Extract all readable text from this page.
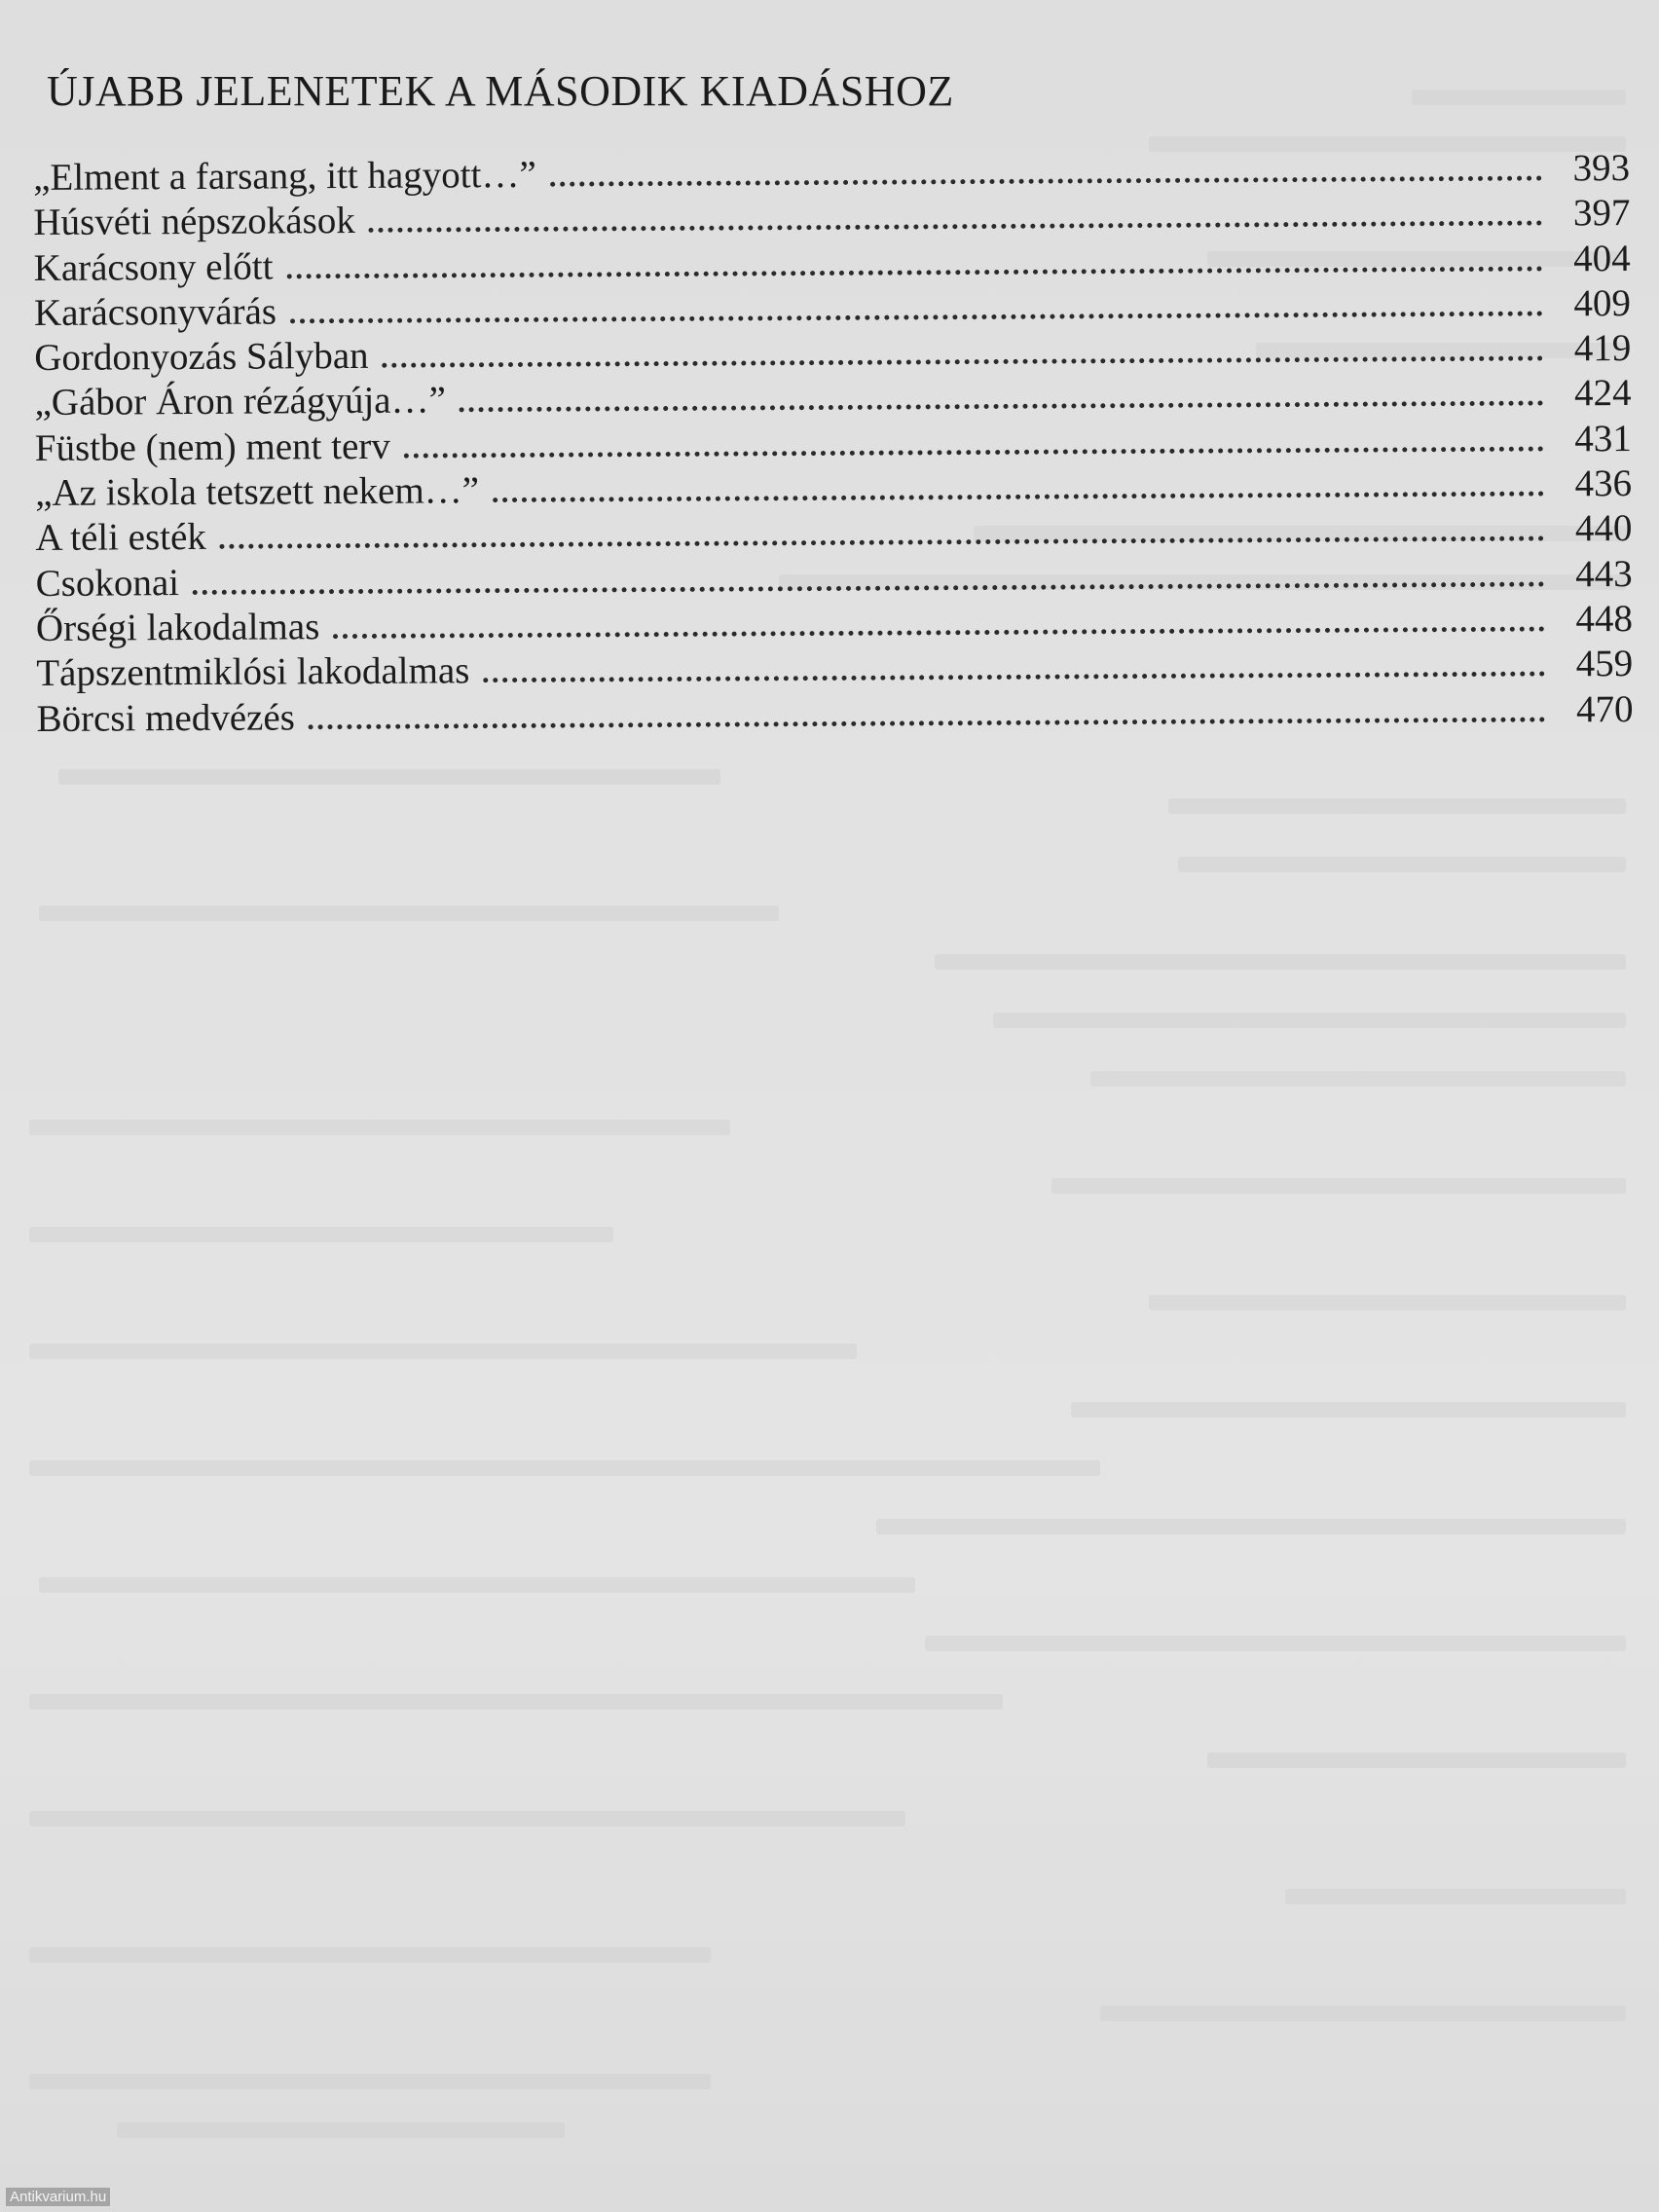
ÚJABB JELENETEK A MÁSODIK KIADÁSHOZ
„Elment a farsang, itt hagyott…”	393
Húsvéti népszokások	397
Karácsony előtt	404
Karácsonyvárás	409
Gordonyozás Sályban	419
„Gábor Áron rézágyúja…”	424
Füstbe (nem) ment terv	431
„Az iskola tetszett nekem…”	436
A téli esték	440
Csokonai	443
Őrségi lakodalmas	448
Tápszentmiklósi lakodalmas	459
Börcsi medvézés	470
Antikvarium.hu
